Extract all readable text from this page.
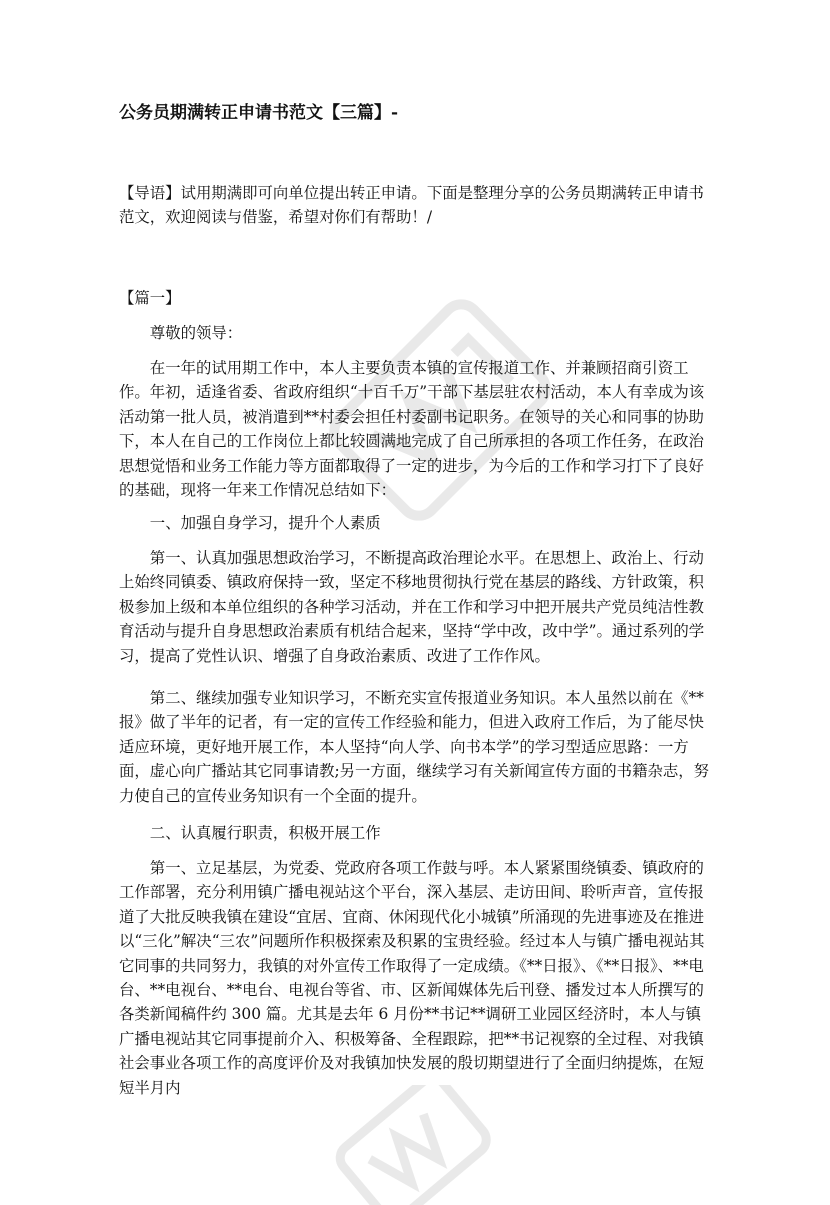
公务员期满转正申请书范文【三篇】-

【导语】试用期满即可向单位提出转正申请。下面是整理分享的公务员期满转正申请书范文，欢迎阅读与借鉴，希望对你们有帮助！/

【篇一】

尊敬的领导：

在一年的试用期工作中，本人主要负责本镇的宣传报道工作、并兼顾招商引资工作。年初，适逢省委、省政府组织“十百千万”干部下基层驻农村活动，本人有幸成为该活动第一批人员，被消遣到**村委会担任村委副书记职务。在领导的关心和同事的协助下，本人在自己的工作岗位上都比较圆满地完成了自己所承担的各项工作任务，在政治思想觉悟和业务工作能力等方面都取得了一定的进步，为今后的工作和学习打下了良好的基础，现将一年来工作情况总结如下：

一、加强自身学习，提升个人素质

第一、认真加强思想政治学习，不断提高政治理论水平。在思想上、政治上、行动上始终同镇委、镇政府保持一致，坚定不移地贯彻执行党在基层的路线、方针政策，积极参加上级和本单位组织的各种学习活动，并在工作和学习中把开展共产党员纯洁性教育活动与提升自身思想政治素质有机结合起来，坚持“学中改，改中学”。通过系列的学习，提高了党性认识、增强了自身政治素质、改进了工作作风。

第二、继续加强专业知识学习，不断充实宣传报道业务知识。本人虽然以前在《**报》做了半年的记者，有一定的宣传工作经验和能力，但进入政府工作后，为了能尽快适应环境，更好地开展工作，本人坚持“向人学、向书本学”的学习型适应思路：一方面，虚心向广播站其它同事请教;另一方面，继续学习有关新闻宣传方面的书籍杂志，努力使自己的宣传业务知识有一个全面的提升。

二、认真履行职责，积极开展工作

第一、立足基层，为党委、党政府各项工作鼓与呼。本人紧紧围绕镇委、镇政府的工作部署，充分利用镇广播电视站这个平台，深入基层、走访田间、聆听声音，宣传报道了大批反映我镇在建设“宜居、宜商、休闲现代化小城镇”所涌现的先进事迹及在推进以“三化”解决“三农”问题所作积极探索及积累的宝贵经验。经过本人与镇广播电视站其它同事的共同努力，我镇的对外宣传工作取得了一定成绩。《**日报》、《**日报》、**电台、**电视台、**电台、电视台等省、市、区新闻媒体先后刊登、播发过本人所撰写的各类新闻稿件约 300 篇。尤其是去年 6 月份**书记**调研工业园区经济时，本人与镇广播电视站其它同事提前介入、积极筹备、全程跟踪，把**书记视察的全过程、对我镇社会事业各项工作的高度评价及对我镇加快发展的殷切期望进行了全面归纳提炼，在短短半月内
